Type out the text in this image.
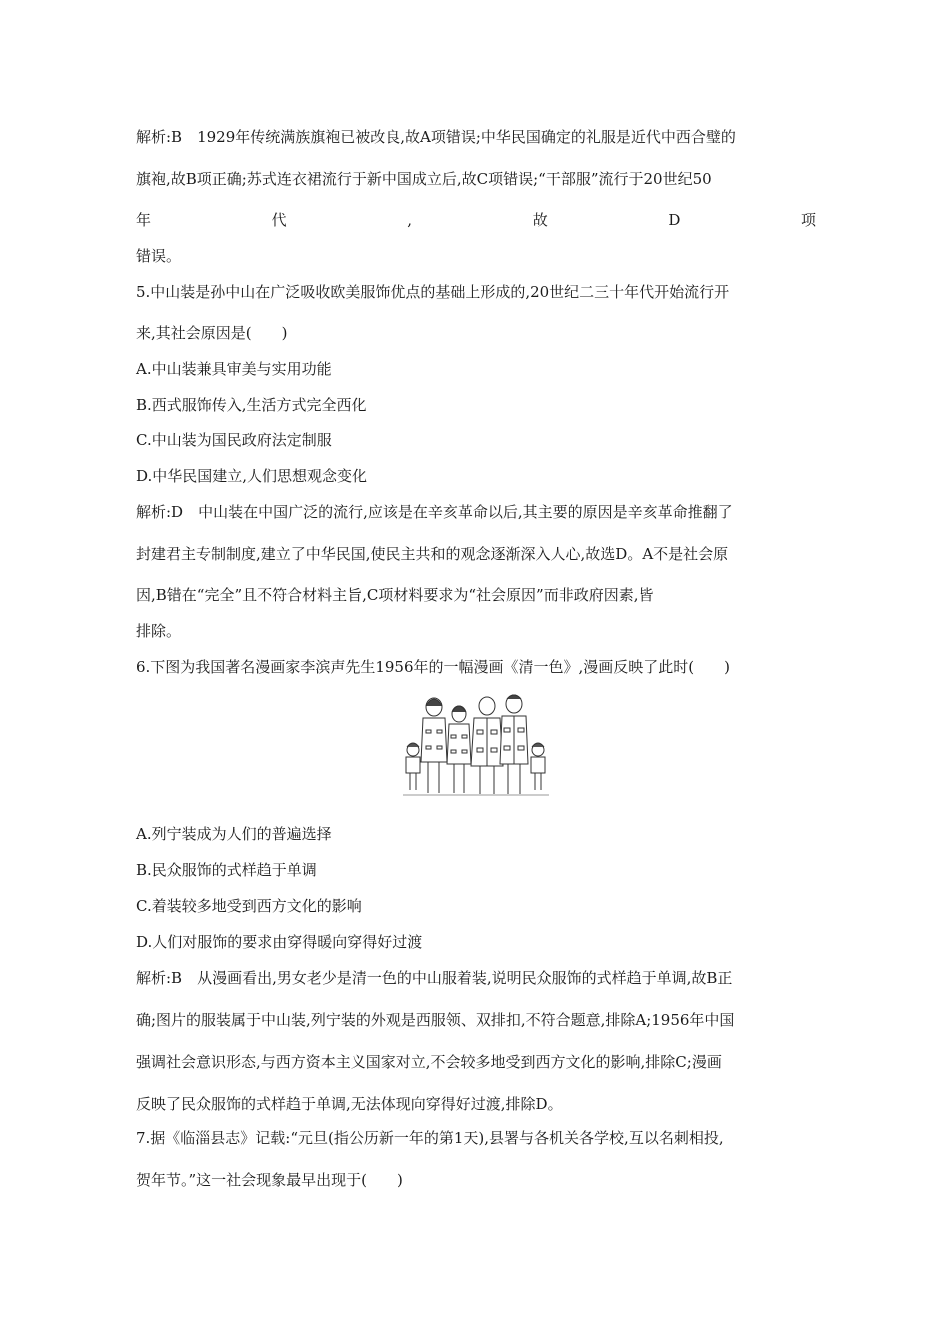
解析:B　1929年传统满族旗袍已被改良,故A项错误;中华民国确定的礼服是近代中西合璧的
旗袍,故B项正确;苏式连衣裙流行于新中国成立后,故C项错误;“干部服”流行于20世纪50
年	代	,	故	D	项
错误。
5.中山装是孙中山在广泛吸收欧美服饰优点的基础上形成的,20世纪二三十年代开始流行开
来,其社会原因是(　　)
A.中山装兼具审美与实用功能
B.西式服饰传入,生活方式完全西化
C.中山装为国民政府法定制服
D.中华民国建立,人们思想观念变化
解析:D　中山装在中国广泛的流行,应该是在辛亥革命以后,其主要的原因是辛亥革命推翻了
封建君主专制制度,建立了中华民国,使民主共和的观念逐渐深入人心,故选D。A不是社会原
因,B错在“完全”且不符合材料主旨,C项材料要求为“社会原因”而非政府因素,皆
排除。
6.下图为我国著名漫画家李滨声先生1956年的一幅漫画《清一色》,漫画反映了此时(　　)
A.列宁装成为人们的普遍选择
B.民众服饰的式样趋于单调
C.着装较多地受到西方文化的影响
D.人们对服饰的要求由穿得暖向穿得好过渡
解析:B　从漫画看出,男女老少是清一色的中山服着装,说明民众服饰的式样趋于单调,故B正
确;图片的服装属于中山装,列宁装的外观是西服领、双排扣,不符合题意,排除A;1956年中国
强调社会意识形态,与西方资本主义国家对立,不会较多地受到西方文化的影响,排除C;漫画
反映了民众服饰的式样趋于单调,无法体现向穿得好过渡,排除D。
7.据《临淄县志》记载:“元旦(指公历新一年的第1天),县署与各机关各学校,互以名刺相投,
贺年节。”这一社会现象最早出现于(　　)
